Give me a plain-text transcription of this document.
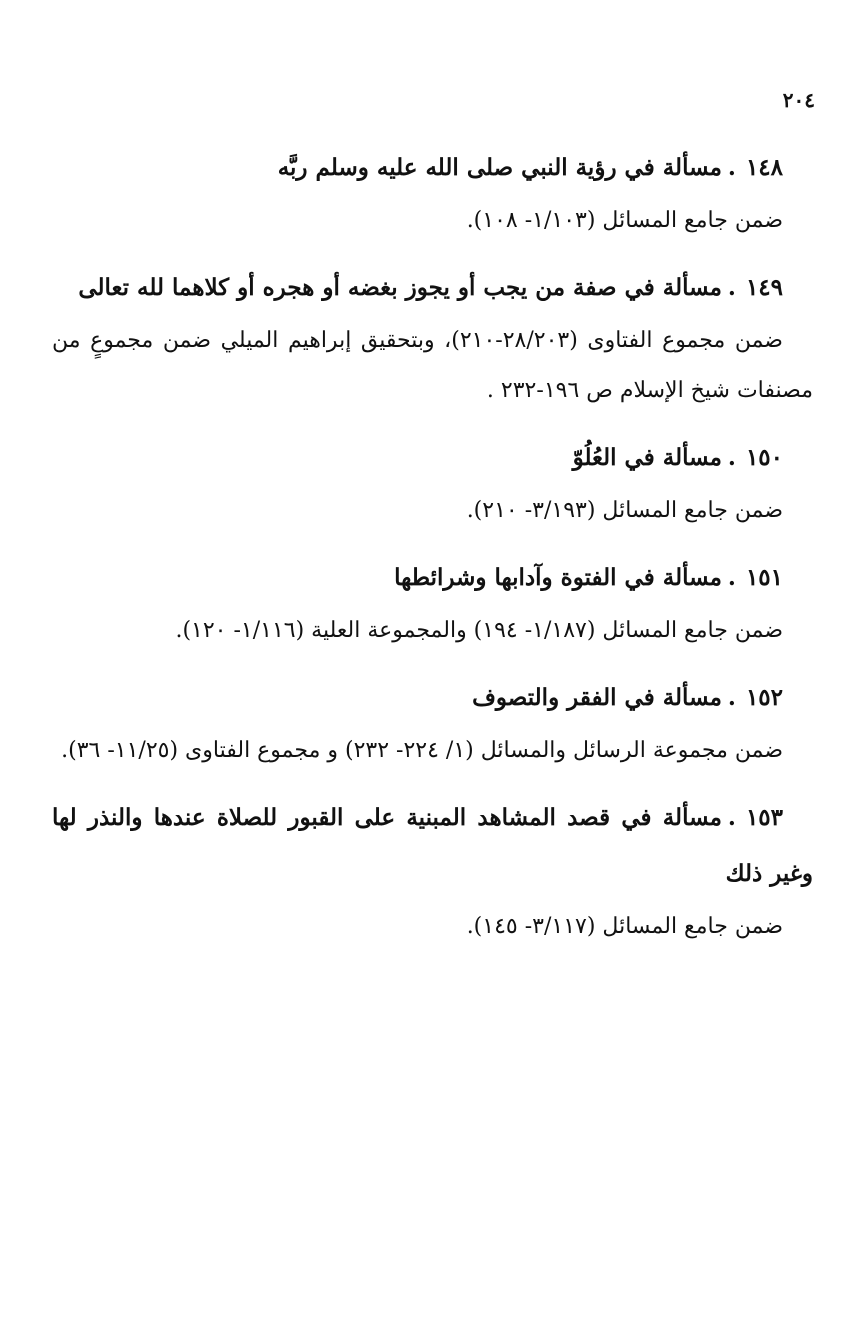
٢٠٤

١٤٨.مسألة في رؤية النبي صلى الله عليه وسلم ربَّه

ضمن جامع المسائل (١/١٠٣- ١٠٨).

١٤٩.مسألة في صفة من يجب أو يجوز بغضه أو هجره أو كلاهما لله تعالى

ضمن مجموع الفتاوى (٢٨/٢٠٣-٢١٠)، وبتحقيق إبراهيم الميلي ضمن مجموعٍ من مصنفات شيخ الإسلام ص ١٩٦-٢٣٢ .

١٥٠.مسألة في العُلُوّ

ضمن جامع المسائل (٣/١٩٣- ٢١٠).

١٥١.مسألة في الفتوة وآدابها وشرائطها

ضمن جامع المسائل (١/١٨٧- ١٩٤) والمجموعة العلية (١/١١٦- ١٢٠).

١٥٢.مسألة في الفقر والتصوف

ضمن مجموعة الرسائل والمسائل (١/ ٢٢٤- ٢٣٢) و مجموع الفتاوى (١١/٢٥- ٣٦).

١٥٣.مسألة في قصد المشاهد المبنية على القبور للصلاة عندها والنذر لها وغير ذلك

ضمن جامع المسائل (٣/١١٧- ١٤٥).
